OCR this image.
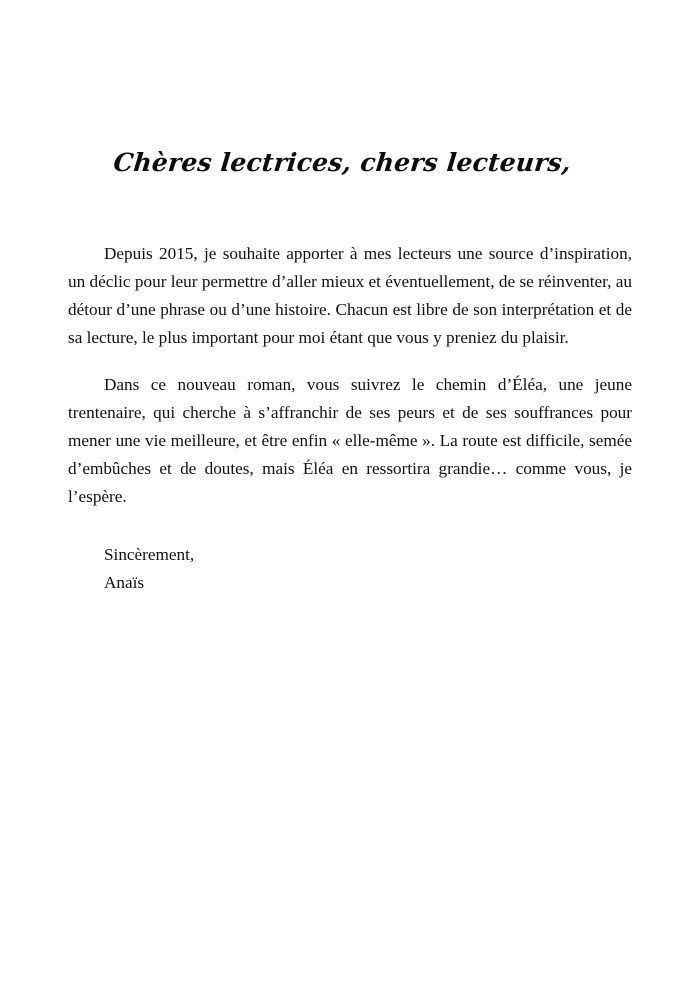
Chères lectrices, chers lecteurs,

Depuis 2015, je souhaite apporter à mes lecteurs une source d’inspiration, un déclic pour leur permettre d’aller mieux et éventuellement, de se réinventer, au détour d’une phrase ou d’une histoire. Chacun est libre de son interprétation et de sa lecture, le plus important pour moi étant que vous y preniez du plaisir.

Dans ce nouveau roman, vous suivrez le chemin d’Éléa, une jeune trentenaire, qui cherche à s’affranchir de ses peurs et de ses souffrances pour mener une vie meilleure, et être enfin « elle-même ». La route est difficile, semée d’embûches et de doutes, mais Éléa en ressortira grandie… comme vous, je l’espère.

Sincèrement,
Anaïs
